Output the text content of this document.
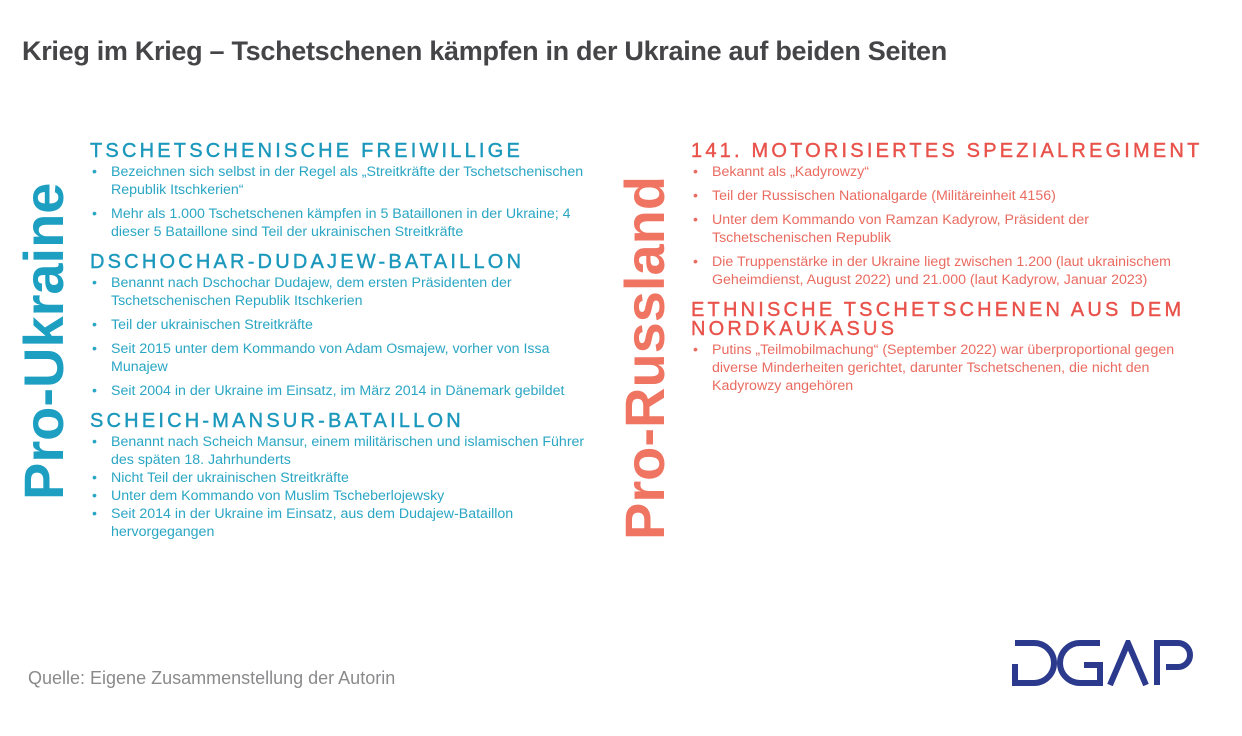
Krieg im Krieg – Tschetschenen kämpfen in der Ukraine auf beiden Seiten
Pro-Ukraine	Pro-Russland
TSCHETSCHENISCHE FREIWILLIGE
• Bezeichnen sich selbst in der Regel als „Streitkräfte der Tschetschenischen Republik Itschkerien“
• Mehr als 1.000 Tschetschenen kämpfen in 5 Bataillonen in der Ukraine; 4 dieser 5 Bataillone sind Teil der ukrainischen Streitkräfte
DSCHOCHAR-DUDAJEW-BATAILLON
• Benannt nach Dschochar Dudajew, dem ersten Präsidenten der Tschetschenischen Republik Itschkerien
• Teil der ukrainischen Streitkräfte
• Seit 2015 unter dem Kommando von Adam Osmajew, vorher von Issa Munajew
• Seit 2004 in der Ukraine im Einsatz, im März 2014 in Dänemark gebildet
SCHEICH-MANSUR-BATAILLON
• Benannt nach Scheich Mansur, einem militärischen und islamischen Führer des späten 18. Jahrhunderts
• Nicht Teil der ukrainischen Streitkräfte
• Unter dem Kommando von Muslim Tscheberlojewsky
• Seit 2014 in der Ukraine im Einsatz, aus dem Dudajew-Bataillon hervorgegangen
141. MOTORISIERTES SPEZIALREGIMENT
• Bekannt als „Kadyrowzy“
• Teil der Russischen Nationalgarde (Militäreinheit 4156)
• Unter dem Kommando von Ramzan Kadyrow, Präsident der Tschetschenischen Republik
• Die Truppenstärke in der Ukraine liegt zwischen 1.200 (laut ukrainischem Geheimdienst, August 2022) und 21.000 (laut Kadyrow, Januar 2023)
ETHNISCHE TSCHETSCHENEN AUS DEM NORDKAUKASUS
• Putins „Teilmobilmachung“ (September 2022) war überproportional gegen diverse Minderheiten gerichtet, darunter Tschetschenen, die nicht den Kadyrowzy angehören
Quelle: Eigene Zusammenstellung der Autorin
